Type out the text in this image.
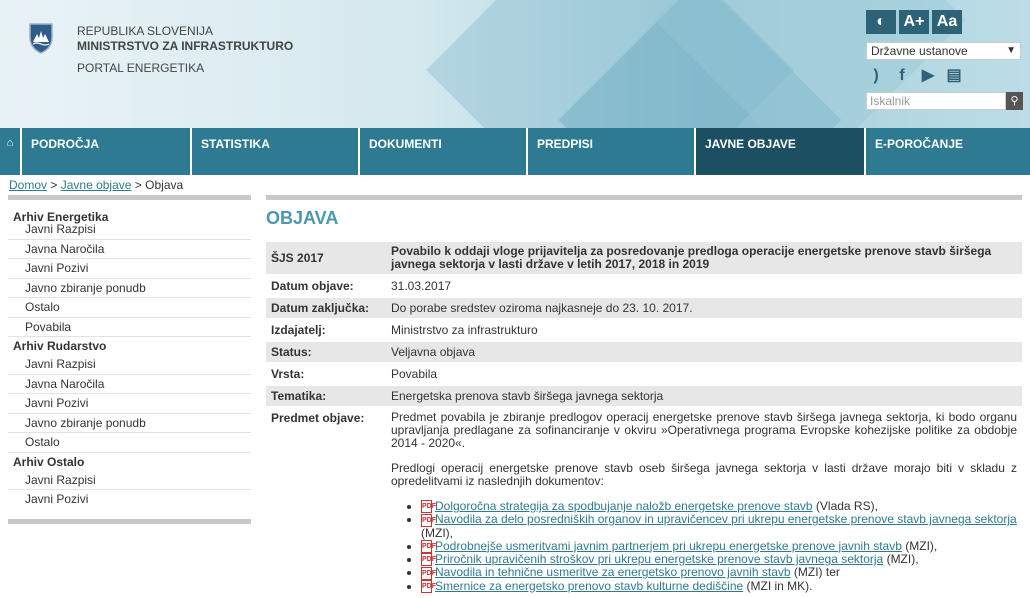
REPUBLIKA SLOVENIJA
MINISTRSTVO ZA INFRASTRUKTURO
PORTAL ENERGETIKA
◐ A+ Aa
Državne ustanove	▼
) f ▶ ▤
Iskalnik	⚲
⌂	PODROČJA	STATISTIKA	DOKUMENTI	PREDPISI	JAVNE OBJAVE	E-POROČANJE
Domov > Javne objave > Objava
Arhiv Energetika
Javni Razpisi
Javna Naročila
Javni Pozivi
Javno zbiranje ponudb
Ostalo
Povabila
Arhiv Rudarstvo
Javni Razpisi
Javna Naročila
Javni Pozivi
Javno zbiranje ponudb
Ostalo
Arhiv Ostalo
Javni Razpisi
Javni Pozivi
OBJAVA
ŠJS 2017	Povabilo k oddaji vloge prijavitelja za posredovanje predloga operacije energetske prenove stavb širšega javnega sektorja v lasti države v letih 2017, 2018 in 2019
Datum objave:	31.03.2017
Datum zaključka:	Do porabe sredstev oziroma najkasneje do 23. 10. 2017.
Izdajatelj:	Ministrstvo za infrastrukturo
Status:	Veljavna objava
Vrsta:	Povabila
Tematika:	Energetska prenova stavb širšega javnega sektorja
Predmet objave:	Predmet povabila je zbiranje predlogov operacij energetske prenove stavb širšega javnega sektorja, ki bodo organu upravljanja predlagane za sofinanciranje v okviru »Operativnega programa Evropske kohezijske politike za obdobje 2014 - 2020«.

Predlogi operacij energetske prenove stavb oseb širšega javnega sektorja v lasti države morajo biti v skladu z opredelitvami iz naslednjih dokumentov:

• PDFDolgoročna strategija za spodbujanje naložb energetske prenove stavb (Vlada RS),
• PDFNavodila za delo posredniških organov in upravičencev pri ukrepu energetske prenove stavb javnega sektorja (MZI),
• PDFPodrobnejše usmeritvami javnim partnerjem pri ukrepu energetske prenove javnih stavb (MZI),
• PDFPriročnik upravičenih stroškov pri ukrepu energetske prenove stavb javnega sektorja (MZI),
• PDFNavodila in tehnične usmeritve za energetsko prenovo javnih stavb (MZI) ter
• PDFSmernice za energetsko prenovo stavb kulturne dediščine (MZI in MK).
